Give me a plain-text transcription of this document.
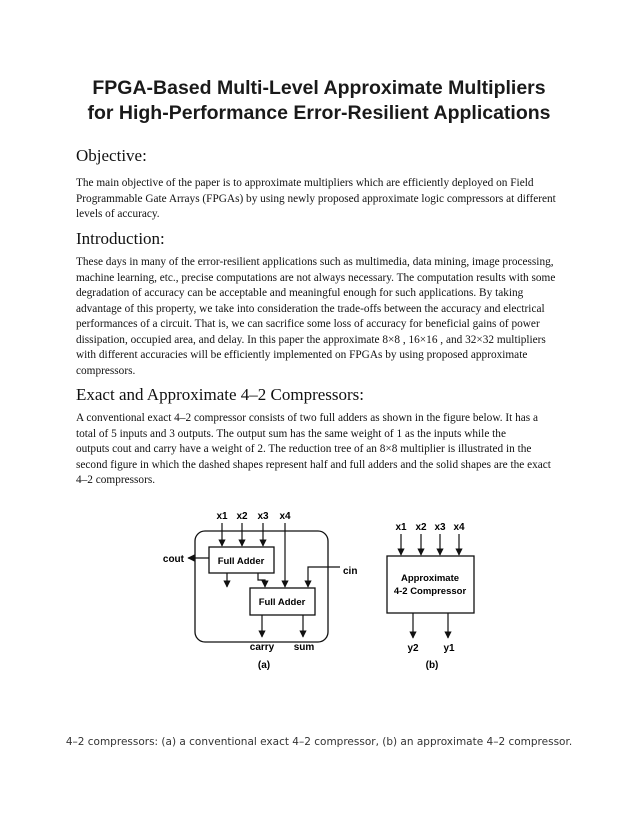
FPGA-Based Multi-Level Approximate Multipliers
for High-Performance Error-Resilient Applications
Objective:
The main objective of the paper is to approximate multipliers which are efficiently deployed on Field
Programmable Gate Arrays (FPGAs) by using newly proposed approximate logic compressors at different
levels of accuracy.
Introduction:
These days in many of the error-resilient applications such as multimedia, data mining, image processing,
machine learning, etc., precise computations are not always necessary. The computation results with some
degradation of accuracy can be acceptable and meaningful enough for such applications. By taking
advantage of this property, we take into consideration the trade-offs between the accuracy and electrical
performances of a circuit. That is, we can sacrifice some loss of accuracy for beneficial gains of power
dissipation, occupied area, and delay. In this paper the approximate 8×8 , 16×16 , and 32×32 multipliers
with different accuracies will be efficiently implemented on FPGAs by using proposed approximate
compressors.
Exact and Approximate 4–2 Compressors:
A conventional exact 4–2 compressor consists of two full adders as shown in the figure below. It has a
total of 5 inputs and 3 outputs. The output sum has the same weight of 1 as the inputs while the
outputs cout and carry have a weight of 2. The reduction tree of an 8×8 multiplier is illustrated in the
second figure in which the dashed shapes represent half and full adders and the solid shapes are the exact
4–2 compressors.
x1 x2 x3 x4
Full Adder
cout
cin
Full Adder
carry sum
(a)
x1 x2 x3 x4
Approximate
4-2 Compressor
y2 y1
(b)
4–2 compressors: (a) a conventional exact 4–2 compressor, (b) an approximate 4–2 compressor.
